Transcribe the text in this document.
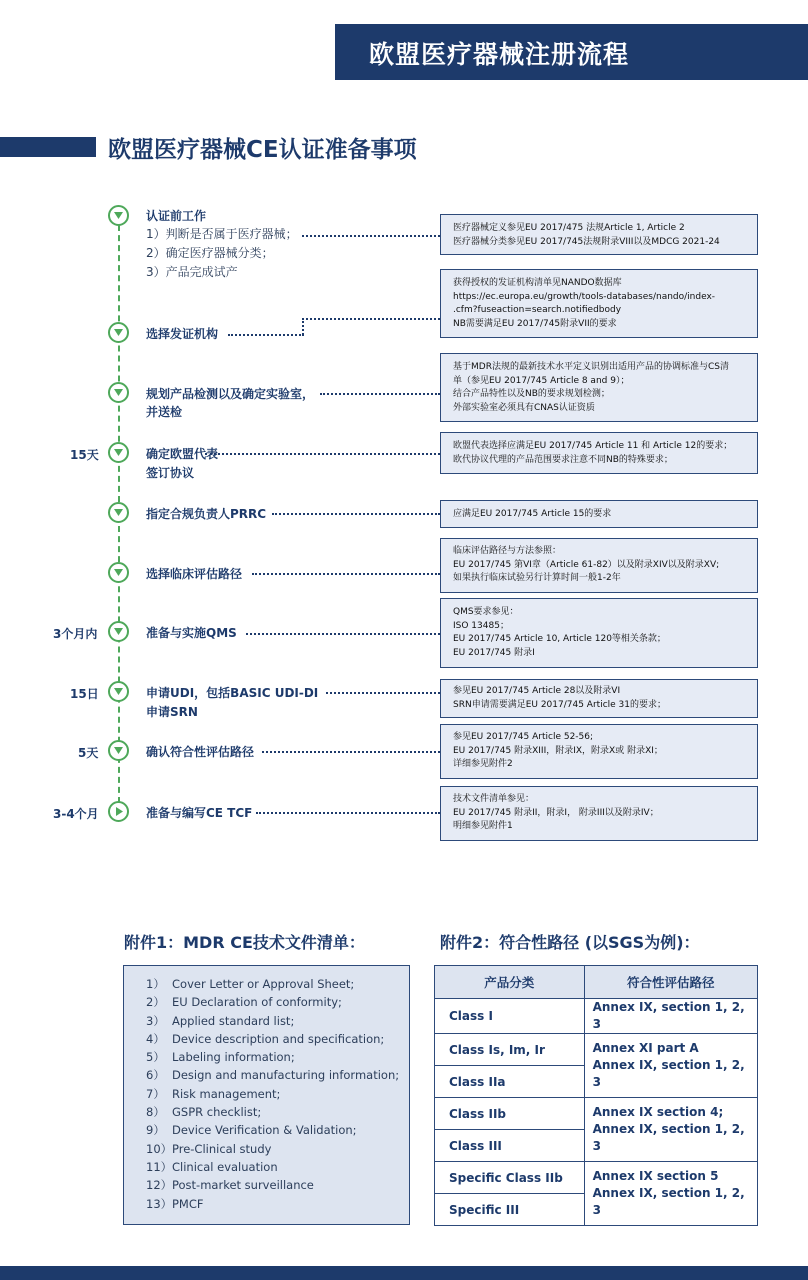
欧盟医疗器械注册流程
欧盟医疗器械CE认证准备事项
15天
3个月内
15日
5天
3-4个月
认证前工作
1）判断是否属于医疗器械；
2）确定医疗器械分类；
3）产品完成试产
选择发证机构
规划产品检测以及确定实验室，
并送检
确定欧盟代表
签订协议
指定合规负责人PRRC
选择临床评估路径
准备与实施QMS
申请UDI，包括BASIC UDI-DI
申请SRN
确认符合性评估路径
准备与编写CE TCF
医疗器械定义参见EU 2017/475 法规Article 1, Article 2
医疗器械分类参见EU 2017/745法规附录VIII以及MDCG 2021-24
获得授权的发证机构清单见NANDO数据库
https://ec.europa.eu/growth/tools-databases/nando/index-
.cfm?fuseaction=search.notifiedbody
NB需要满足EU 2017/745附录VII的要求
基于MDR法规的最新技术水平定义识别出适用产品的协调标准与CS清
单（参见EU 2017/745 Article 8 and 9）；
结合产品特性以及NB的要求规划检测；
外部实验室必须具有CNAS认证资质
欧盟代表选择应满足EU 2017/745 Article 11 和 Article 12的要求；
欧代协议代理的产品范围要求注意不同NB的特殊要求；
应满足EU 2017/745 Article 15的要求
临床评估路径与方法参照：
EU 2017/745 第VI章（Article 61-82）以及附录XIV以及附录XV;
如果执行临床试验另行计算时间一般1-2年
QMS要求参见：
ISO 13485；
EU 2017/745 Article 10, Article 120等相关条款；
EU 2017/745 附录I
参见EU 2017/745 Article 28以及附录VI
SRN申请需要满足EU 2017/745 Article 31的要求；
参见EU 2017/745 Article 52-56;
EU 2017/745 附录XIII，附录IX，附录X或 附录XI；
详细参见附件2
技术文件清单参见：
EU 2017/745 附录II，附录I， 附录III以及附录IV；
明细参见附件1
附件1：MDR CE技术文件清单：
1） Cover Letter or Approval Sheet;
2） EU Declaration of conformity;
3） Applied standard list;
4） Device description and specification;
5） Labeling information;
6） Design and manufacturing information;
7） Risk management;
8） GSPR checklist;
9） Device Verification & Validation;
10）Pre-Clinical study
11）Clinical evaluation
12）Post-market surveillance
13）PMCF
附件2：符合性路径 (以SGS为例)：
产品分类	符合性评估路径
Class I	Annex IX, section 1, 2, 3

Class Is, Im, Ir	Annex XI part A
Annex IX, section 1, 2, 3

Class IIa	
Class IIb	Annex IX section 4;
Annex IX, section 1, 2, 3

Class III	
Specific Class IIb	Annex IX section 5
Annex IX, section 1, 2, 3

Specific III	
